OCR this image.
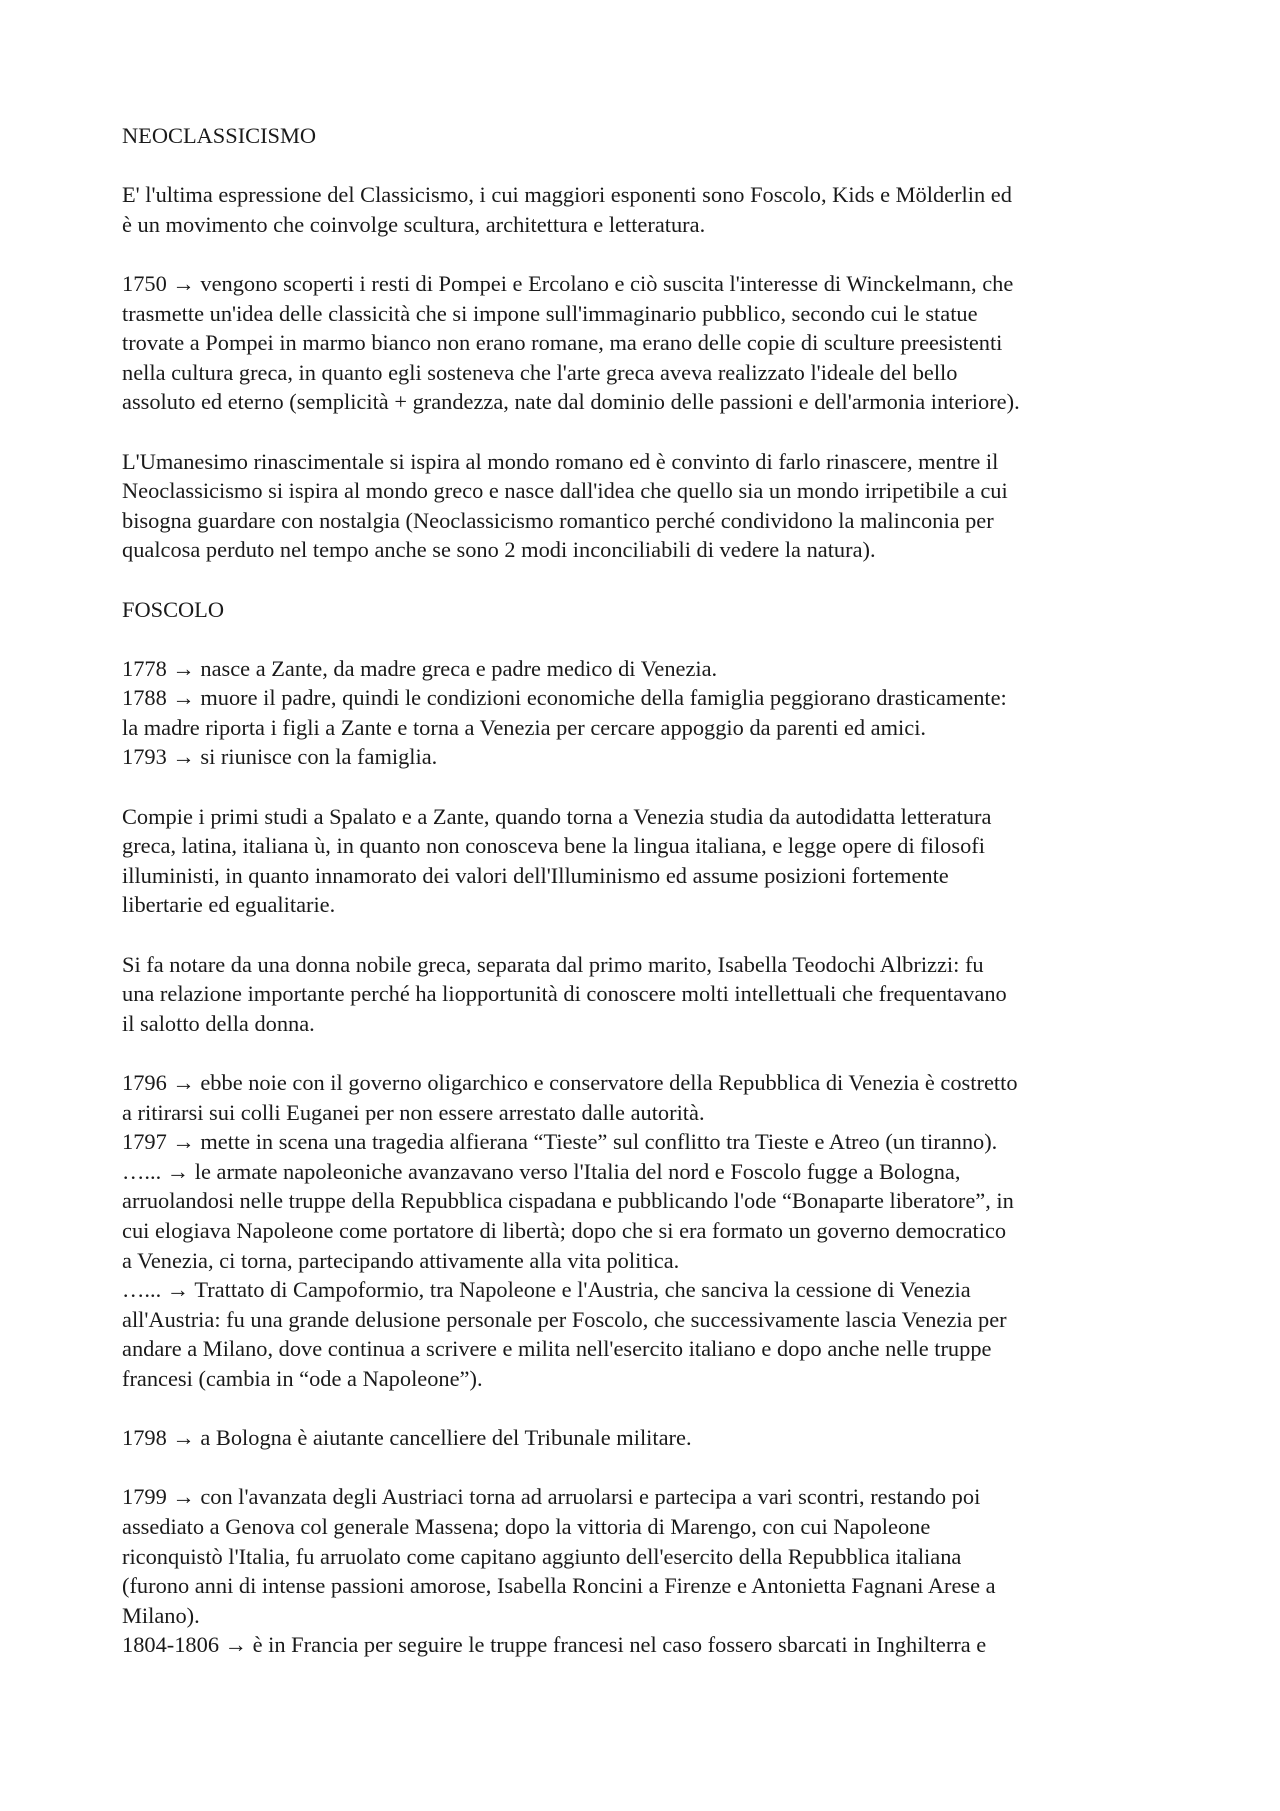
NEOCLASSICISMO

E' l'ultima espressione del Classicismo, i cui maggiori esponenti sono Foscolo, Kids e Mölderlin ed

è un movimento che coinvolge scultura, architettura e letteratura.

1750 → vengono scoperti i resti di Pompei e Ercolano e ciò suscita l'interesse di Winckelmann, che

trasmette un'idea delle classicità che si impone sull'immaginario pubblico, secondo cui le statue

trovate a Pompei in marmo bianco non erano romane, ma erano delle copie di sculture preesistenti

nella cultura greca, in quanto egli sosteneva che l'arte greca aveva realizzato l'ideale del bello

assoluto ed eterno (semplicità + grandezza, nate dal dominio delle passioni e dell'armonia interiore).

L'Umanesimo rinascimentale si ispira al mondo romano ed è convinto di farlo rinascere, mentre il

Neoclassicismo si ispira al mondo greco e nasce dall'idea che quello sia un mondo irripetibile a cui

bisogna guardare con nostalgia (Neoclassicismo romantico perché condividono la malinconia per

qualcosa perduto nel tempo anche se sono 2 modi inconciliabili di vedere la natura).

FOSCOLO

1778 → nasce a Zante, da madre greca e padre medico di Venezia.

1788 → muore il padre, quindi le condizioni economiche della famiglia peggiorano drasticamente:

la madre riporta i figli a Zante e torna a Venezia per cercare appoggio da parenti ed amici.

1793 → si riunisce con la famiglia.

Compie i primi studi a Spalato e a Zante, quando torna a Venezia studia da autodidatta letteratura

greca, latina, italiana ù, in quanto non conosceva bene la lingua italiana, e legge opere di filosofi

illuministi, in quanto innamorato dei valori dell'Illuminismo ed assume posizioni fortemente

libertarie ed egualitarie.

Si fa notare da una donna nobile greca, separata dal primo marito, Isabella Teodochi Albrizzi: fu

una relazione importante perché ha liopportunità di conoscere molti intellettuali che frequentavano

il salotto della donna.

1796 → ebbe noie con il governo oligarchico e conservatore della Repubblica di Venezia è costretto

a ritirarsi sui colli Euganei per non essere arrestato dalle autorità.

1797 → mette in scena una tragedia alfierana “Tieste” sul conflitto tra Tieste e Atreo (un tiranno).

…... → le armate napoleoniche avanzavano verso l'Italia del nord e Foscolo fugge a Bologna,

arruolandosi nelle truppe della Repubblica cispadana e pubblicando l'ode “Bonaparte liberatore”, in

cui elogiava Napoleone come portatore di libertà; dopo che si era formato un governo democratico

a Venezia, ci torna, partecipando attivamente alla vita politica.

…... → Trattato di Campoformio, tra Napoleone e l'Austria, che sanciva la cessione di Venezia

all'Austria: fu una grande delusione personale per Foscolo, che successivamente lascia Venezia per

andare a Milano, dove continua a scrivere e milita nell'esercito italiano e dopo anche nelle truppe

francesi (cambia in “ode a Napoleone”).

1798 → a Bologna è aiutante cancelliere del Tribunale militare.

1799 → con l'avanzata degli Austriaci torna ad arruolarsi e partecipa a vari scontri, restando poi

assediato a Genova col generale Massena; dopo la vittoria di Marengo, con cui Napoleone

riconquistò l'Italia, fu arruolato come capitano aggiunto dell'esercito della Repubblica italiana

(furono anni di intense passioni amorose, Isabella Roncini a Firenze e Antonietta Fagnani Arese a

Milano).

1804-1806 → è in Francia per seguire le truppe francesi nel caso fossero sbarcati in Inghilterra e
